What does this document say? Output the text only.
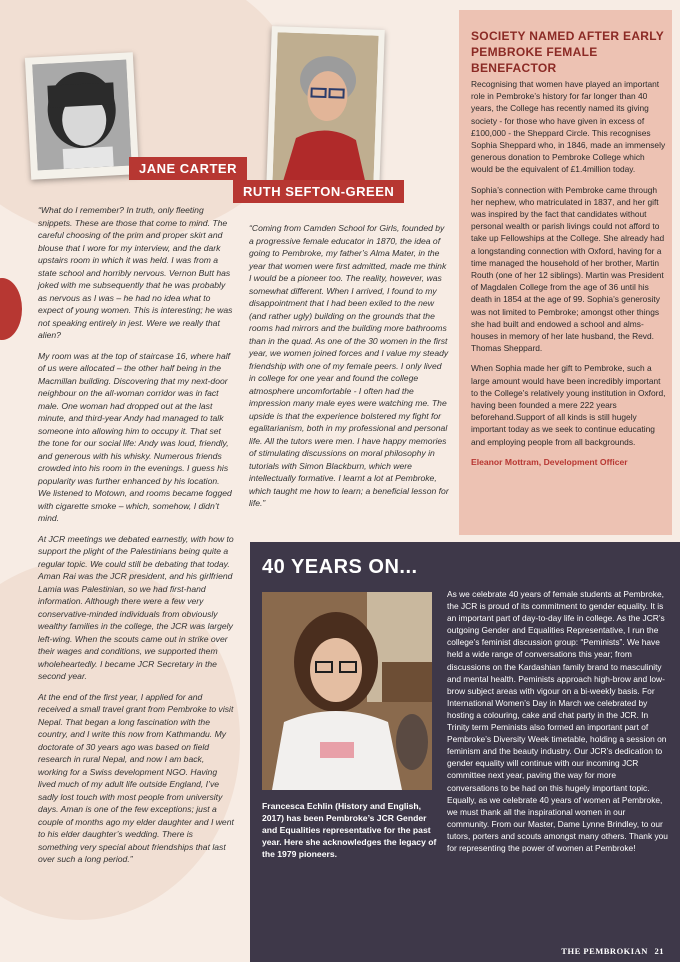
JANE CARTER
RUTH SEFTON-GREEN

“What do I remember? In truth, only fleeting snippets. These are those that come to mind. The careful choosing of the prim and proper skirt and blouse that I wore for my interview, and the dark upstairs room in which it was held. I was from a state school and horribly nervous. Vernon Butt has joked with me subsequently that he was probably as nervous as I was – he had no idea what to expect of young women. This is interesting; he was not speaking entirely in jest. Were we really that alien?

My room was at the top of staircase 16, where half of us were allocated – the other half being in the Macmillan building. Discovering that my next-door neighbour on the all-woman corridor was in fact male. One woman had dropped out at the last minute, and third-year Andy had managed to talk someone into allowing him to occupy it. That set the tone for our social life: Andy was loud, friendly, and generous with his whisky. Numerous friends crowded into his room in the evenings. I guess his popularity was further enhanced by his location. We listened to Motown, and rooms became fogged with cigarette smoke – which, somehow, I didn’t mind.

At JCR meetings we debated earnestly, with how to support the plight of the Palestinians being quite a regular topic. We could still be debating that today. Aman Rai was the JCR president, and his girlfriend Lamia was Palestinian, so we had first-hand information. Although there were a few very conservative-minded individuals from obviously wealthy families in the college, the JCR was largely left-wing. When the scouts came out in strike over their wages and conditions, we supported them wholeheartedly. I became JCR Secretary in the second year.

At the end of the first year, I applied for and received a small travel grant from Pembroke to visit Nepal. That began a long fascination with the country, and I write this now from Kathmandu. My doctorate of 30 years ago was based on field research in rural Nepal, and now I am back, working for a Swiss development NGO. Having lived much of my adult life outside England, I’ve sadly lost touch with most people from university days. Aman is one of the few exceptions; just a couple of months ago my elder daughter and I went to his elder daughter’s wedding. There is something very special about friendships that last over such a long period.”

“Coming from Camden School for Girls, founded by a progressive female educator in 1870, the idea of going to Pembroke, my father’s Alma Mater, in the year that women were first admitted, made me think I would be a pioneer too. The reality, however, was somewhat different. When I arrived, I found to my disappointment that I had been exiled to the new (and rather ugly) building on the grounds that the rooms had mirrors and the building more bathrooms than in the quad. As one of the 30 women in the first year, we women joined forces and I value my steady friendship with one of my female peers. I only lived in college for one year and found the college atmosphere uncomfortable - I often had the impression many male eyes were watching me. The upside is that the experience bolstered my fight for egalitarianism, both in my professional and personal life. All the tutors were men. I have happy memories of stimulating discussions on moral philosophy in tutorials with Simon Blackburn, which were intellectually formative. I learnt a lot at Pembroke, which taught me how to learn; a beneficial lesson for life.”

SOCIETY NAMED AFTER EARLY PEMBROKE FEMALE BENEFACTOR

Recognising that women have played an important role in Pembroke’s history for far longer than 40 years, the College has recently named its giving society - for those who have given in excess of £100,000 - the Sheppard Circle. This recognises Sophia Sheppard who, in 1846, made an immensely generous donation to Pembroke College which would be the equivalent of £1.4million today.

Sophia’s connection with Pembroke came through her nephew, who matriculated in 1837, and her gift was inspired by the fact that candidates without personal wealth or parish livings could not afford to take up Fellowships at the College. She already had a longstanding connection with Oxford, having for a time managed the household of her brother, Martin Routh (one of her 12 siblings). Martin was President of Magdalen College from the age of 36 until his death in 1854 at the age of 99. Sophia’s generosity was not limited to Pembroke; amongst other things she had built and endowed a school and alms-houses in memory of her late husband, the Revd. Thomas Sheppard.

When Sophia made her gift to Pembroke, such a large amount would have been incredibly important to the College’s relatively young institution in Oxford, having been founded a mere 222 years beforehand.Support of all kinds is still hugely important today as we seek to continue educating and employing people from all backgrounds.

Eleanor Mottram, Development Officer

40 YEARS ON...
Francesca Echlin (History and English, 2017) has been Pembroke’s JCR Gender and Equalities representative for the past year. Here she acknowledges the legacy of the 1979 pioneers.
As we celebrate 40 years of female students at Pembroke, the JCR is proud of its commitment to gender equality. It is an important part of day-to-day life in college. As the JCR’s outgoing Gender and Equalities Representative, I run the college’s feminist discussion group: “Peminists”. We have held a wide range of conversations this year; from discussions on the Kardashian family brand to masculinity and mental health. Peminists approach high-brow and low-brow subject areas with vigour on a bi-weekly basis. For International Women’s Day in March we celebrated by hosting a colouring, cake and chat party in the JCR. In Trinity term Peminists also formed an important part of Pembroke’s Diversity Week timetable, holding a session on feminism and the beauty industry. Our JCR’s dedication to gender equality will continue with our incoming JCR committee next year, paving the way for more conversations to be had on this hugely important topic. Equally, as we celebrate 40 years of women at Pembroke, we must thank all the inspirational women in our community. From our Master, Dame Lynne Brindley, to our tutors, porters and scouts amongst many others. Thank you for representing the power of women at Pembroke!
THE PEMBROKIAN 21
